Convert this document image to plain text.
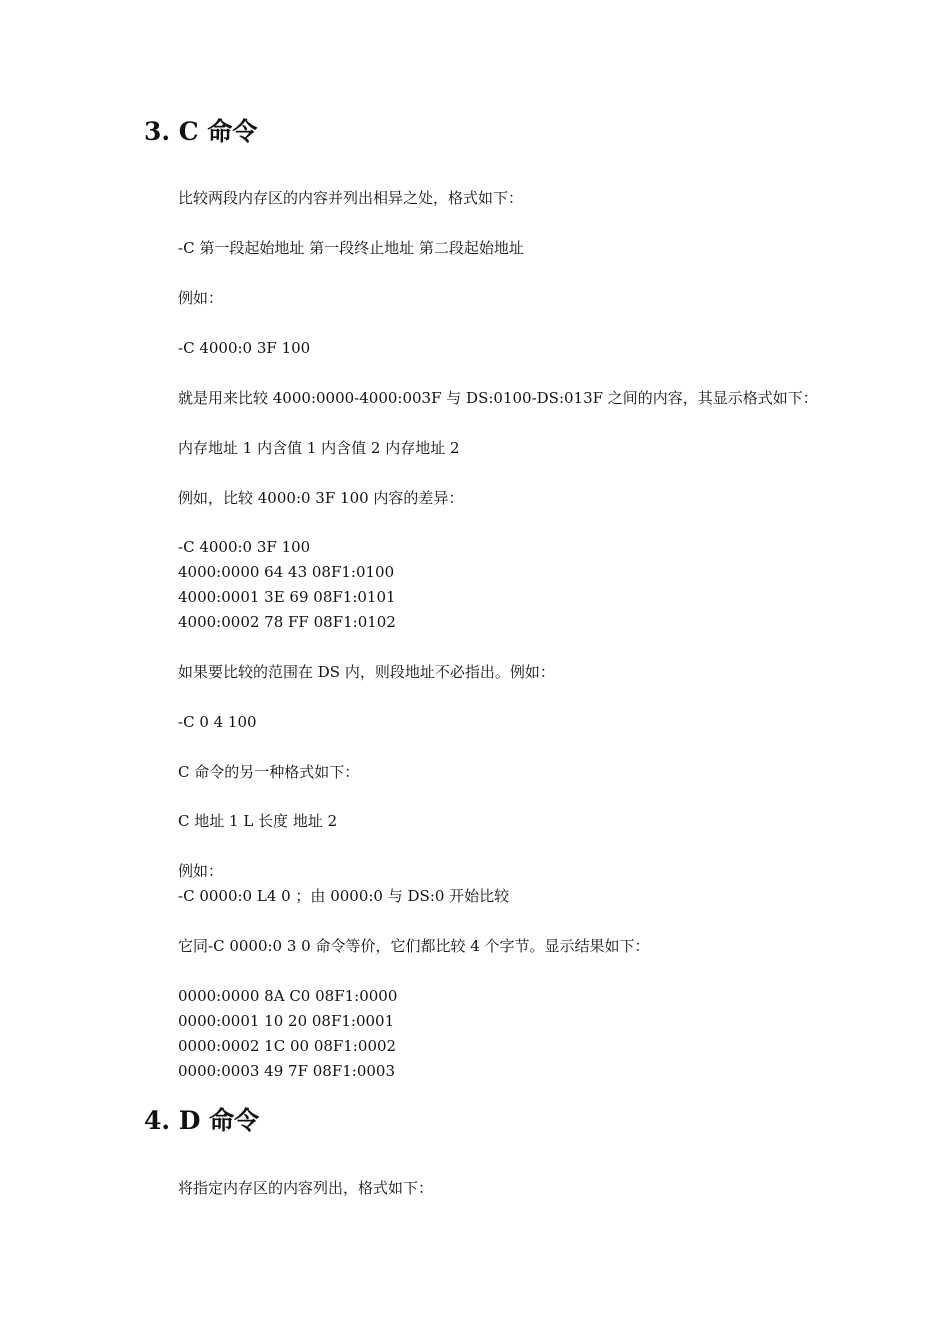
3. C 命令

比较两段内存区的内容并列出相异之处，格式如下：

-C 第一段起始地址 第一段终止地址 第二段起始地址

例如：

-C 4000:0 3F 100

就是用来比较 4000:0000-4000:003F 与 DS:0100-DS:013F 之间的内容，其显示格式如下：

内存地址 1 内含值 1 内含值 2 内存地址 2

例如，比较 4000:0 3F 100 内容的差异：

-C 4000:0 3F 100

4000:0000 64 43 08F1:0100

4000:0001 3E 69 08F1:0101

4000:0002 78 FF 08F1:0102

如果要比较的范围在 DS 内，则段地址不必指出。例如：

-C 0 4 100

C 命令的另一种格式如下：

C 地址 1 L 长度 地址 2

例如：

-C 0000:0 L4 0 ；由 0000:0 与 DS:0 开始比较

它同-C 0000:0 3 0 命令等价，它们都比较 4 个字节。显示结果如下：

0000:0000 8A C0 08F1:0000

0000:0001 10 20 08F1:0001

0000:0002 1C 00 08F1:0002

0000:0003 49 7F 08F1:0003

4. D 命令

将指定内存区的内容列出，格式如下：
